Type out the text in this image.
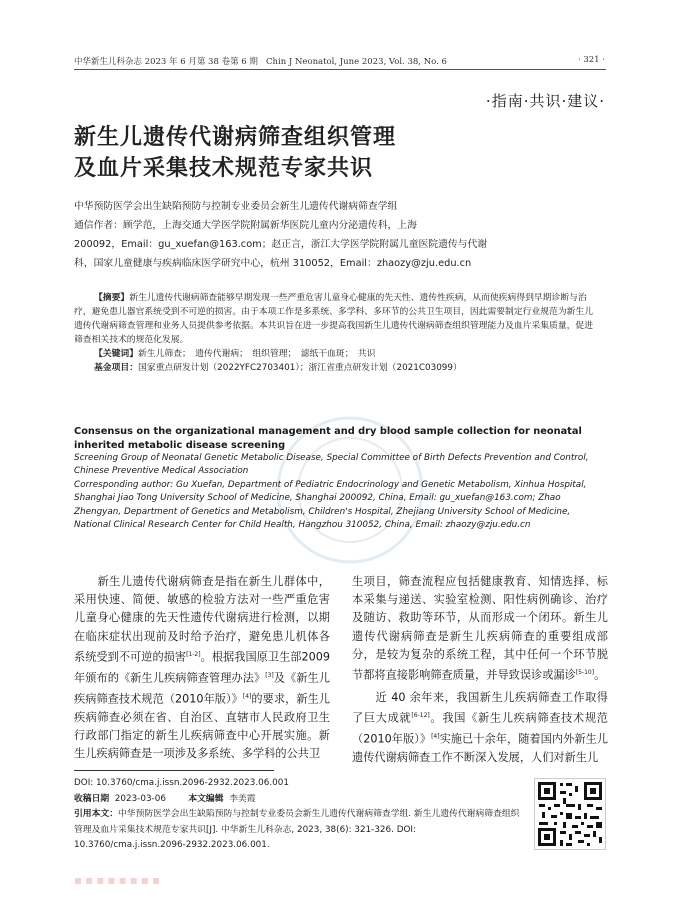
中华新生儿科杂志 2023 年 6 月第 38 卷第 6 期 Chin J Neonatol, June 2023, Vol. 38, No. 6	· 321 ·
·指南·共识·建议·
新生儿遗传代谢病筛查组织管理
及血片采集技术规范专家共识
中华预防医学会出生缺陷预防与控制专业委员会新生儿遗传代谢病筛查学组
通信作者：顾学范，上海交通大学医学院附属新华医院儿童内分泌遗传科，上海
200092，Email：gu_xuefan@163.com；赵正言，浙江大学医学院附属儿童医院遗传与代谢
科，国家儿童健康与疾病临床医学研究中心，杭州 310052，Email：zhaozy@zju.edu.cn
【摘要】新生儿遗传代谢病筛查能够早期发现一些严重危害儿童身心健康的先天性、遗传性疾病，从而使疾病得到早期诊断与治疗，避免患儿器官系统受到不可逆的损害。由于本项工作是多系统、多学科、多环节的公共卫生项目，因此需要制定行业规范为新生儿遗传代谢病筛查管理和业务人员提供参考依据。本共识旨在进一步提高我国新生儿遗传代谢病筛查组织管理能力及血片采集质量，促进筛查相关技术的规范化发展。
【关键词】新生儿筛查；　遗传代谢病；　组织管理；　滤纸干血斑；　共识
基金项目：国家重点研发计划（2022YFC2703401）；浙江省重点研发计划（2021C03099）
Consensus on the organizational management and dry blood sample collection for neonatal inherited metabolic disease screening
Screening Group of Neonatal Genetic Metabolic Disease, Special Committee of Birth Defects Prevention and Control, Chinese Preventive Medical Association
Corresponding author: Gu Xuefan, Department of Pediatric Endocrinology and Genetic Metabolism, Xinhua Hospital, Shanghai Jiao Tong University School of Medicine, Shanghai 200092, China, Email: gu_xuefan@163.com; Zhao Zhengyan, Department of Genetics and Metabolism, Children's Hospital, Zhejiang University School of Medicine, National Clinical Research Center for Child Health, Hangzhou 310052, China, Email: zhaozy@zju.edu.cn

新生儿遗传代谢病筛查是指在新生儿群体中，采用快速、简便、敏感的检验方法对一些严重危害儿童身心健康的先天性遗传代谢病进行检测，以期在临床症状出现前及时给予治疗，避免患儿机体各系统受到不可逆的损害[1-2]。根据我国原卫生部2009年颁布的《新生儿疾病筛查管理办法》[3]及《新生儿疾病筛查技术规范（2010年版）》[4]的要求，新生儿疾病筛查必须在省、自治区、直辖市人民政府卫生行政部门指定的新生儿疾病筛查中心开展实施。新生儿疾病筛查是一项涉及多系统、多学科的公共卫

生项目，筛查流程应包括健康教育、知情选择、标本采集与递送、实验室检测、阳性病例确诊、治疗及随访、救助等环节，从而形成一个闭环。新生儿遗传代谢病筛查是新生儿疾病筛查的重要组成部分，是较为复杂的系统工程，其中任何一个环节脱节都将直接影响筛查质量，并导致误诊或漏诊[5-10]。

近 40 余年来，我国新生儿疾病筛查工作取得了巨大成就[6-12]。我国《新生儿疾病筛查技术规范（2010年版）》[4]实施已十余年，随着国内外新生儿遗传代谢病筛查工作不断深入发展，人们对新生儿

DOI: 10.3760/cma.j.issn.2096-2932.2023.06.001
收稿日期 2023-03-06	本文编辑 李美霞
引用本文：中华预防医学会出生缺陷预防与控制专业委员会新生儿遗传代谢病筛查学组. 新生儿遗传代谢病筛查组织管理及血片采集技术规范专家共识[J]. 中华新生儿科杂志, 2023, 38(6): 321-326. DOI: 10.3760/cma.j.issn.2096-2932.2023.06.001.
▪▪▪▪▪▪▪▪
